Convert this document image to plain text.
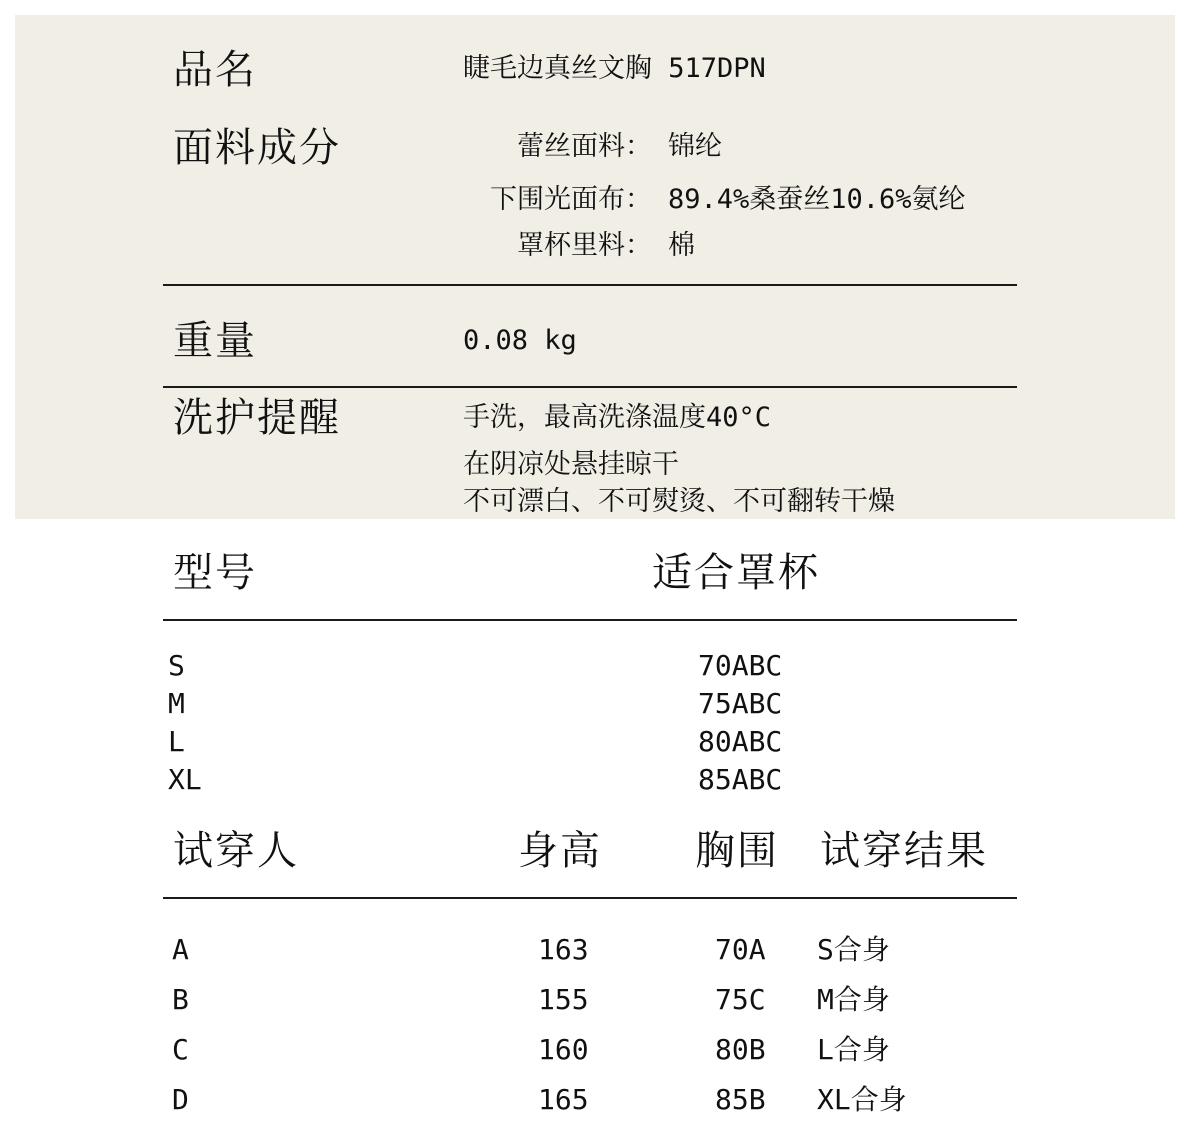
品名	睫毛边真丝文胸 517DPN
面料成分	蕾丝面料： 锦纶
下围光面布： 89.4%桑蚕丝10.6%氨纶
罩杯里料： 棉
重量	0.08 kg
洗护提醒	手洗，最高洗涤温度40°C
在阴凉处悬挂晾干
不可漂白、不可熨烫、不可翻转干燥
型号	适合罩杯
S	70ABC
M	75ABC
L	80ABC
XL	85ABC
试穿人	身高 胸围 试穿结果
A	163	70A S合身
B	155	75C M合身
C	160	80B L合身
D	165	85B XL合身
